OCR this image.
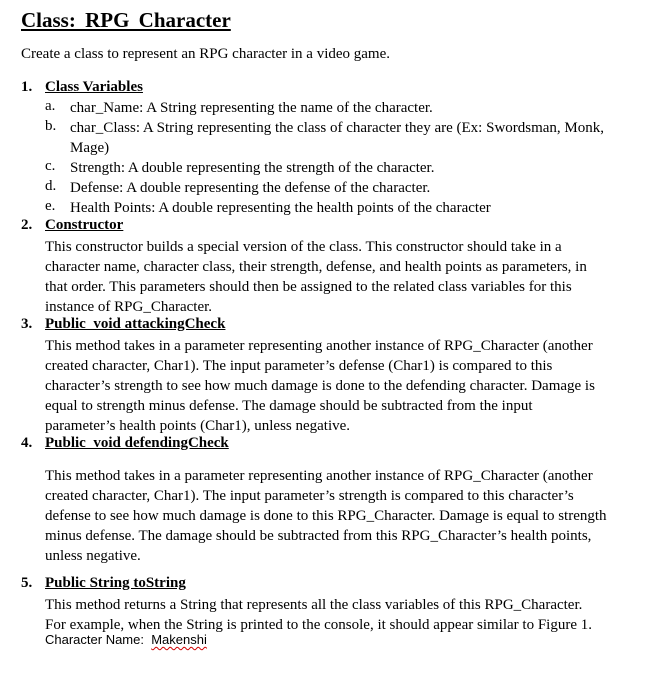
Class: RPG Character
Create a class to represent an RPG character in a video game.
1. Class Variables
a. char_Name: A String representing the name of the character.
b. char_Class: A String representing the class of character they are (Ex: Swordsman, Monk, Mage)
c. Strength: A double representing the strength of the character.
d. Defense: A double representing the defense of the character.
e. Health Points: A double representing the health points of the character
2. Constructor
This constructor builds a special version of the class. This constructor should take in a
character name, character class, their strength, defense, and health points as parameters, in
that order. This parameters should then be assigned to the related class variables for this
instance of RPG_Character.
3. Public  void attackingCheck
This method takes in a parameter representing another instance of RPG_Character (another
created character, Char1). The input parameter’s defense (Char1) is compared to this
character’s strength to see how much damage is done to the defending character. Damage is
equal to strength minus defense. The damage should be subtracted from the input
parameter’s health points (Char1), unless negative.
4. Public  void defendingCheck
This method takes in a parameter representing another instance of RPG_Character (another
created character, Char1). The input parameter’s strength is compared to this character’s
defense to see how much damage is done to this RPG_Character. Damage is equal to strength
minus defense. The damage should be subtracted from this RPG_Character’s health points,
unless negative.
5. Public String toString
This method returns a String that represents all the class variables of this RPG_Character.
For example, when the String is printed to the console, it should appear similar to Figure 1.
Character Name:  Makenshi
